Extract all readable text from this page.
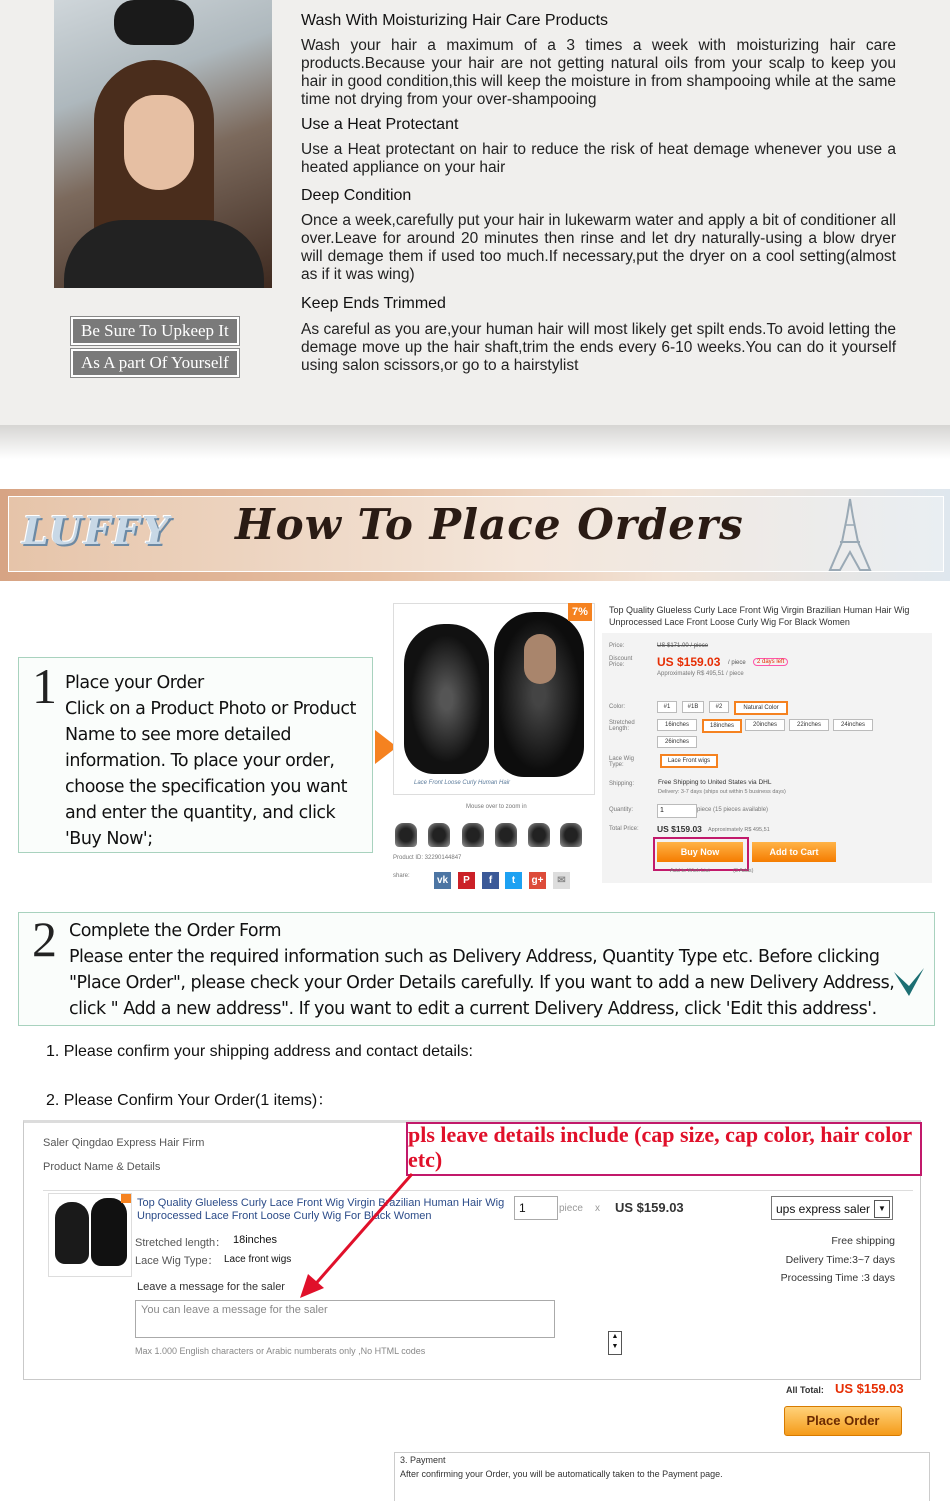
Be Sure To Upkeep It
As A part Of Yourself
Wash With Moisturizing Hair Care Products
Wash your hair a maximum of a 3 times a week with moisturizing hair care products.Because your hair are not getting natural oils from your scalp to keep you hair in good condition,this will keep the moisture in from shampooing while at the same time not drying from your over-shampooing
Use a Heat Protectant
Use a Heat protectant on hair to reduce the risk of heat demage whenever you use a heated appliance on your hair
Deep Condition
Once a week,carefully put your hair in lukewarm water and apply a bit of conditioner all over.Leave for around 20 minutes then rinse and let dry naturally-using a blow dryer will demage them if used too much.If necessary,put the dryer on a cool setting(almost as if it was wing)
Keep Ends Trimmed
As careful as you are,your human hair will most likely get spilt ends.To avoid letting the demage move up the hair shaft,trim the ends every 6-10 weeks.You can do it yourself using salon scissors,or go to a hairstylist
LUFFY How To Place Orders
1 Place your Order
Click on a Product Photo or Product Name to see more detailed information. To place your order, choose the specification you want and enter the quantity, and click 'Buy Now';
Lace Front Loose Curly Human Hair
7%
Mouse over to zoom in
Product ID: 32290144847
share:	vk	P	f	t	g+	✉
Top Quality Glueless Curly Lace Front Wig Virgin Brazilian Human Hair Wig Unprocessed Lace Front Loose Curly Wig For Black Women
Price:	US $171.00 / piece
Discount Price:	US $159.03 / piece	2 days left
Approximately R$ 495,51 / piece
Color:	#1	#1B	#2	Natural Color
Stretched Length:
16inches	18inches	20inches	22inches	24inches
26inches
Lace Wig Type:
Lace Front wigs
Shipping:	Free Shipping to United States via DHL
Delivery: 3-7 days (ships out within 5 business days)
Quantity:	1	piece (15 pieces available)
Total Price: US $159.03 Approximately R$ 495,51
Buy Now	Add to Cart
Add to Wish List	(3 Adds)
2 Complete the Order Form
Please enter the required information such as Delivery Address, Quantity Type etc. Before clicking "Place Order", please check your Order Details carefully. If you want to add a new Delivery Address, click " Add a new address". If you want to edit a current Delivery Address, click 'Edit this address'.
1. Please confirm your shipping address and contact details:
2. Please Confirm Your Order(1 items)：
Saler Qingdao Express Hair Firm
Product Name & Details
pls leave details include (cap size, cap color, hair color etc)
Top Quality Glueless Curly Lace Front Wig Virgin Brazilian Human Hair Wig Unprocessed Lace Front Loose Curly Wig For Black Women
Stretched length： 18inches
Lace Wig Type： Lace front wigs
1	piece x US $159.03	ups express saler ▼
Free shipping
Delivery Time:3~7 days
Processing Time :3 days
Leave a message for the saler
You can leave a message for the saler
Max 1.000 English characters or Arabic numberats only ,No HTML codes
▲
▼
All Total: US $159.03
Place Order
3. Payment
After confirming your Order, you will be automatically taken to the Payment page.
